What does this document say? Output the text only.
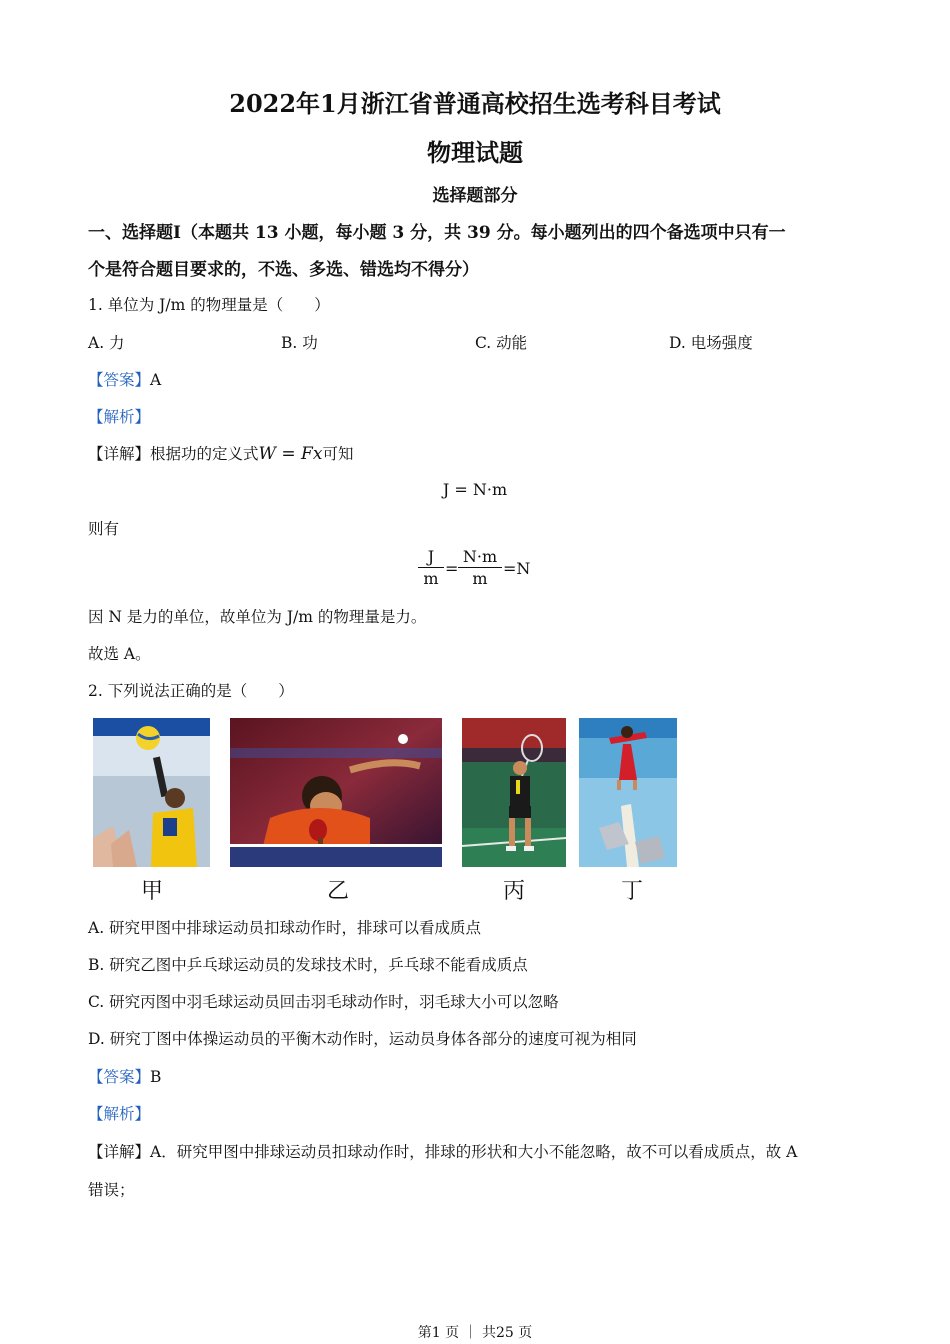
2022年1月浙江省普通高校招生选考科目考试
物理试题
选择题部分
一、选择题Ⅰ（本题共 13 小题，每小题 3 分，共 39 分。每小题列出的四个备选项中只有一
个是符合题目要求的，不选、多选、错选均不得分）
1. 单位为 J/m 的物理量是（　　）
A. 力	B. 功	C. 动能	D. 电场强度
【答案】A
【解析】
【详解】根据功的定义式W = Fx可知
J = N·m
则有
J
m
=
N·m
m
=N
因 N 是力的单位，故单位为 J/m 的物理量是力。
故选 A。
2. 下列说法正确的是（　　）
甲	乙	丙	丁
A. 研究甲图中排球运动员扣球动作时，排球可以看成质点
B. 研究乙图中乒乓球运动员的发球技术时，乒乓球不能看成质点
C. 研究丙图中羽毛球运动员回击羽毛球动作时，羽毛球大小可以忽略
D. 研究丁图中体操运动员的平衡木动作时，运动员身体各部分的速度可视为相同
【答案】B
【解析】
【详解】A．研究甲图中排球运动员扣球动作时，排球的形状和大小不能忽略，故不可以看成质点，故 A
错误；
第1 页 ｜ 共25 页
